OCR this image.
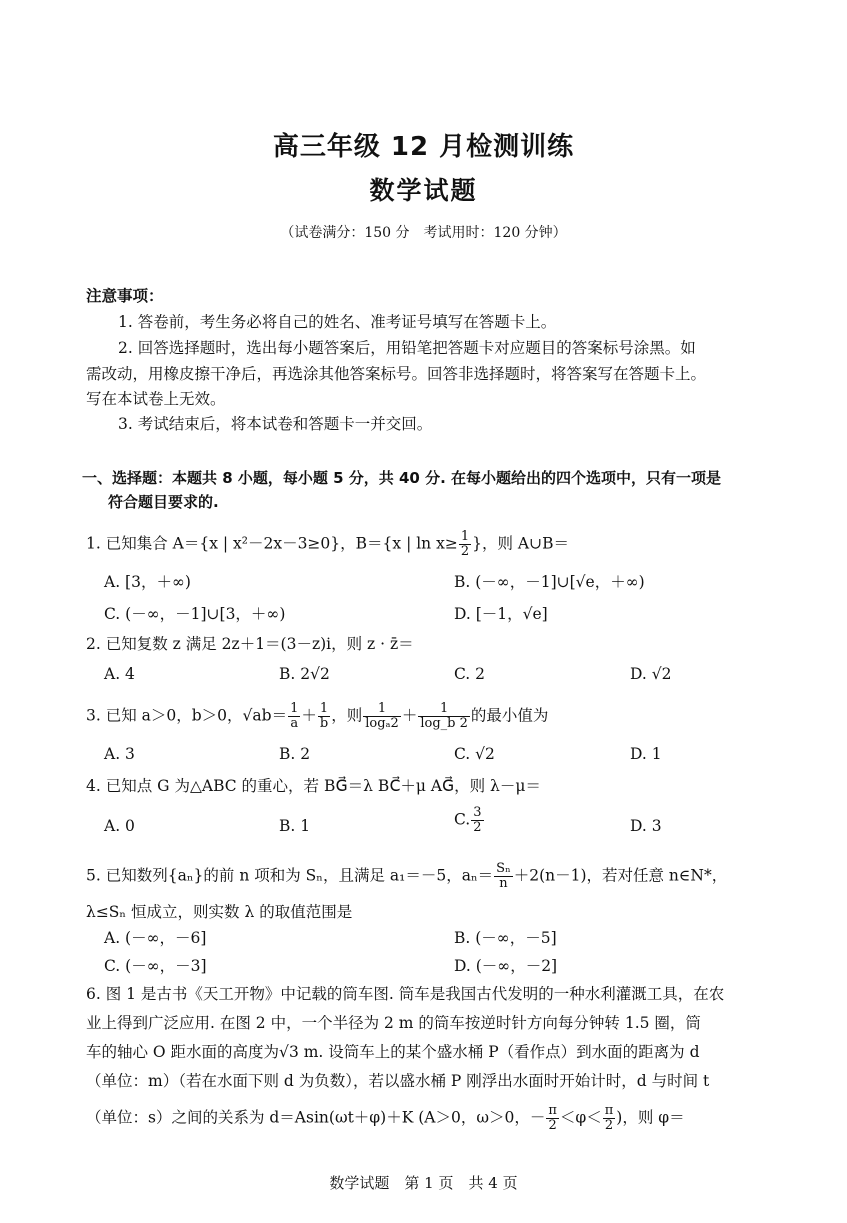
高三年级 12 月检测训练
数学试题
（试卷满分：150 分　考试用时：120 分钟）
注意事项：
1. 答卷前，考生务必将自己的姓名、准考证号填写在答题卡上。
2. 回答选择题时，选出每小题答案后，用铅笔把答题卡对应题目的答案标号涂黑。如
需改动，用橡皮擦干净后，再选涂其他答案标号。回答非选择题时，将答案写在答题卡上。
写在本试卷上无效。
3. 考试结束后，将本试卷和答题卡一并交回。
一、选择题：本题共 8 小题，每小题 5 分，共 40 分. 在每小题给出的四个选项中，只有一项是
符合题目要求的.
1. 已知集合 A＝{x | x²－2x－3≥0}，B＝{x | $\ln x\ge \frac{1}{2}$ }，则 A∪B＝
A. [3，＋∞)	B. (－∞，－1]∪[√e，＋∞)
C. (－∞，－1]∪[3，＋∞)	D. [－1，√e]
2. 已知复数 z 满足 2z＋1＝(3－z)i，则 z · z̄＝
A. 4	B. 2√2	C. 2	D. √2
3. 已知 a＞0，b＞0，$√ab= \frac{1}{a} + \frac{1}{b}$ ，则 $\frac{1}{\text{logₐ2}} + \frac{1}{\log\_b 2}$ 的最小值为
A. 3	B. 2	C. √2	D. 1
4. 已知点 G 为△ABC 的重心，若 BG⃗＝λ BC⃗＋μ AG⃗，则 λ－μ＝
A. 0	B. 1	C. $\frac{3}{2}$	D. 3
5. 已知数列{aₙ}的前 n 项和为 Sₙ，且满足 a₁＝－5，$a_n= \frac{\text{Sₙ}}{n} +2(n-1)$，若对任意 n∈N*，
λ≤Sₙ 恒成立，则实数 λ 的取值范围是
A. (－∞，－6]	B. (－∞，－5]
C. (－∞，－3]	D. (－∞，－2]
6. 图 1 是古书《天工开物》中记载的筒车图. 筒车是我国古代发明的一种水利灌溉工具，在农
业上得到广泛应用. 在图 2 中，一个半径为 2 m 的筒车按逆时针方向每分钟转 1.5 圈，筒
车的轴心 O 距水面的高度为√3 m. 设筒车上的某个盛水桶 P（看作点）到水面的距离为 d
（单位：m）（若在水面下则 d 为负数），若以盛水桶 P 刚浮出水面时开始计时，d 与时间 t
（单位：s）之间的关系为 d＝Asin(ωt＋φ)＋K (A＞0，ω＞0，－ $\frac{\pi}{2} <\varphi< \frac{\pi}{2}$ )，则 φ＝
数学试题　第 1 页　共 4 页
